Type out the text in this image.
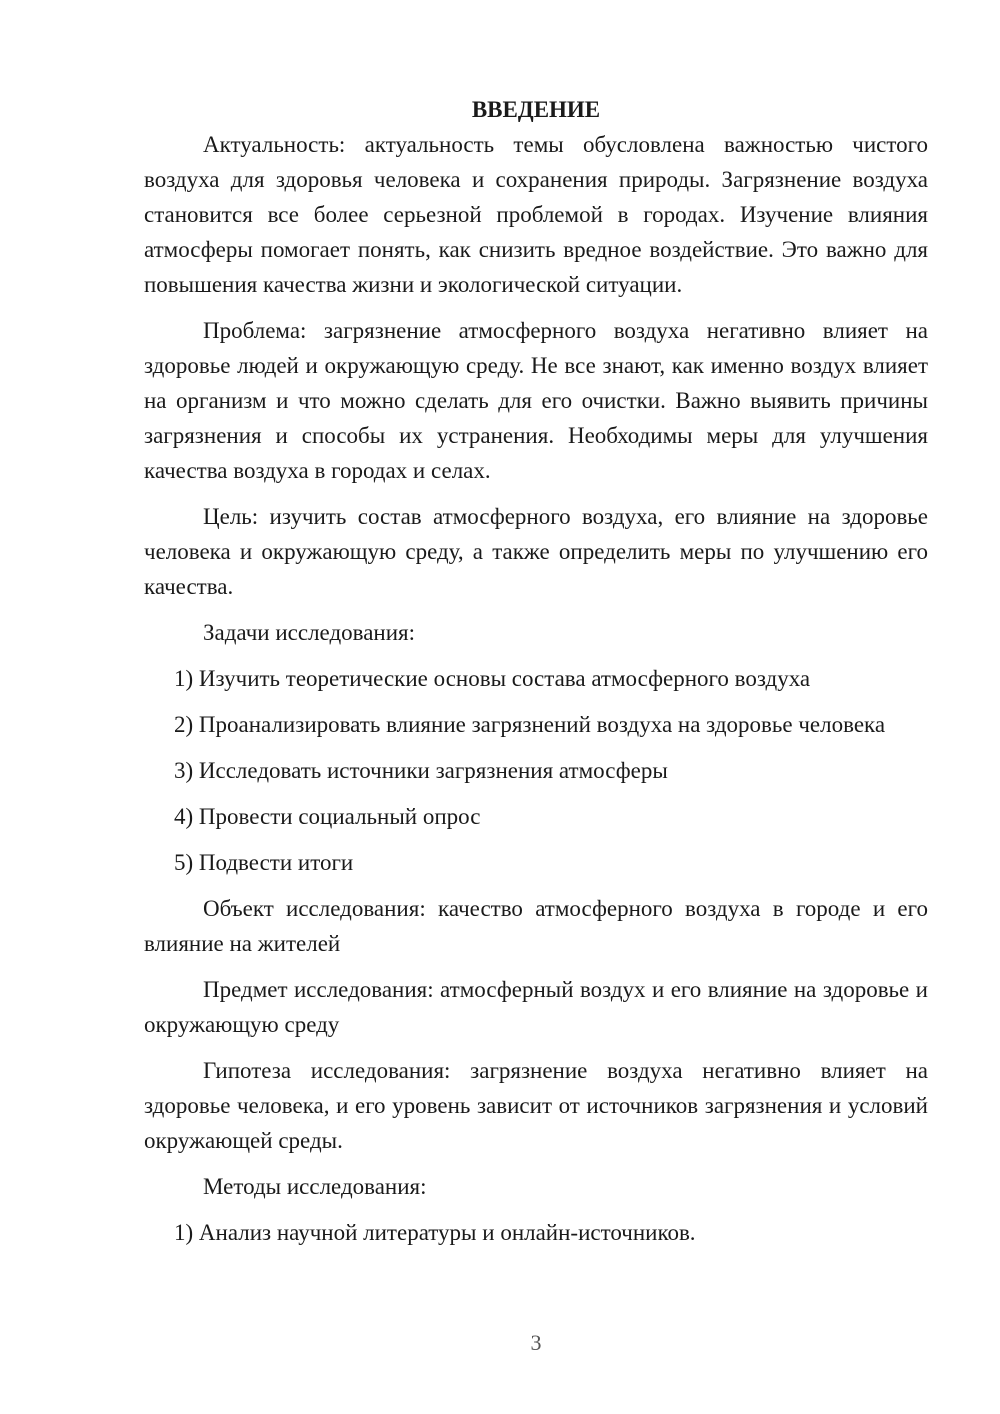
ВВЕДЕНИЕ

Актуальность: актуальность темы обусловлена важностью чистого воздуха для здоровья человека и сохранения природы. Загрязнение воздуха становится все более серьезной проблемой в городах. Изучение влияния атмосферы помогает понять, как снизить вредное воздействие. Это важно для повышения качества жизни и экологической ситуации.

Проблема: загрязнение атмосферного воздуха негативно влияет на здоровье людей и окружающую среду. Не все знают, как именно воздух влияет на организм и что можно сделать для его очистки. Важно выявить причины загрязнения и способы их устранения. Необходимы меры для улучшения качества воздуха в городах и селах.

Цель: изучить состав атмосферного воздуха, его влияние на здоровье человека и окружающую среду, а также определить меры по улучшению его качества.

Задачи исследования:

1) Изучить теоретические основы состава атмосферного воздуха

2) Проанализировать влияние загрязнений воздуха на здоровье человека

3) Исследовать источники загрязнения атмосферы

4) Провести социальный опрос

5) Подвести итоги

Объект исследования: качество атмосферного воздуха в городе и его влияние на жителей

Предмет исследования: атмосферный воздух и его влияние на здоровье и окружающую среду

Гипотеза исследования: загрязнение воздуха негативно влияет на здоровье человека, и его уровень зависит от источников загрязнения и условий окружающей среды.

Методы исследования:

1) Анализ научной литературы и онлайн-источников.

3
